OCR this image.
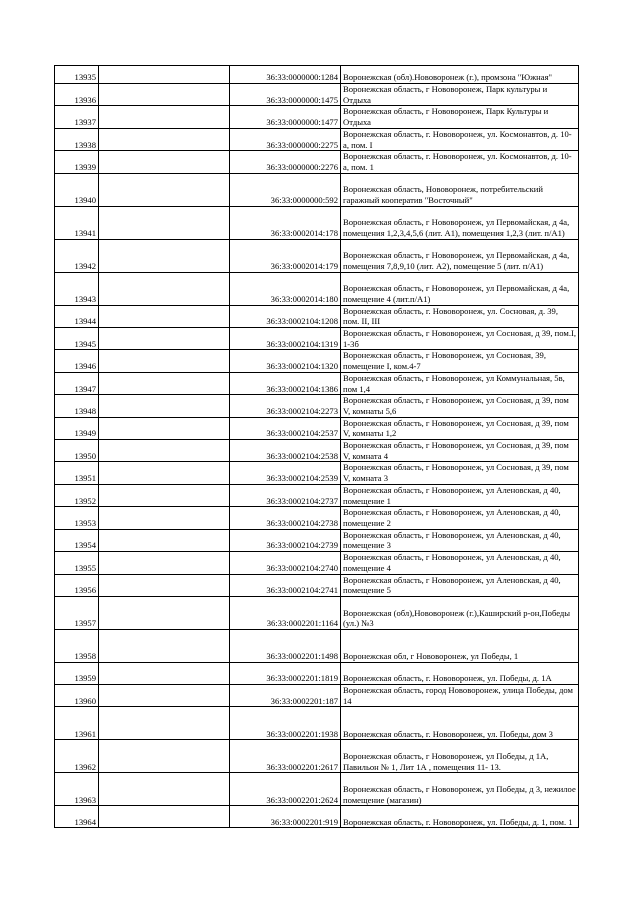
13935		36:33:0000000:1284	Воронежская (обл).Нововоронеж (г.), промзона "Южная"
13936		36:33:0000000:1475	Воронежская область, г Нововоронеж, Парк культуры и Отдыха
13937		36:33:0000000:1477	Воронежская область, г Нововоронеж, Парк Культуры и Отдыха
13938		36:33:0000000:2275	Воронежская область, г. Нововоронеж, ул. Космонавтов, д. 10-а, пом. I
13939		36:33:0000000:2276	Воронежская область, г. Нововоронеж, ул. Космонавтов, д. 10-а, пом. 1
13940		36:33:0000000:592	Воронежская область, Нововоронеж, потребительский гаражный кооператив "Восточный"
13941		36:33:0002014:178	Воронежская область, г Нововоронеж, ул Первомайская, д 4а, помещения 1,2,3,4,5,6 (лит. А1), помещения 1,2,3 (лит. п/А1)
13942		36:33:0002014:179	Воронежская область, г Нововоронеж, ул Первомайская, д 4а, помещения 7,8,9,10 (лит. А2), помещение 5 (лит. п/А1)
13943		36:33:0002014:180	Воронежская область, г Нововоронеж, ул Первомайская, д 4а, помещение 4 (лит.п/А1)
13944		36:33:0002104:1208	Воронежская область, г. Нововоронеж, ул. Сосновая, д. 39, пом. II, III
13945		36:33:0002104:1319	Воронежская область, г Нововоронеж, ул Сосновая, д 39, пом.I, 1-3б
13946		36:33:0002104:1320	Воронежская область, г Нововоронеж, ул Сосновая, 39, помещение I, ком.4-7
13947		36:33:0002104:1386	Воронежская область, г Нововоронеж, ул Коммунальная, 5в, пом 1,4
13948		36:33:0002104:2273	Воронежская область, г Нововоронеж, ул Сосновая, д 39, пом V, комнаты 5,6
13949		36:33:0002104:2537	Воронежская область, г Нововоронеж, ул Сосновая, д 39, пом V, комнаты 1,2
13950		36:33:0002104:2538	Воронежская область, г Нововоронеж, ул Сосновая, д 39, пом V, комната 4
13951		36:33:0002104:2539	Воронежская область, г Нововоронеж, ул Сосновая, д 39, пом V, комната 3
13952		36:33:0002104:2737	Воронежская область, г Нововоронеж, ул Аленовская, д 40, помещение 1
13953		36:33:0002104:2738	Воронежская область, г Нововоронеж, ул Аленовская, д 40, помещение 2
13954		36:33:0002104:2739	Воронежская область, г Нововоронеж, ул Аленовская, д 40, помещение 3
13955		36:33:0002104:2740	Воронежская область, г Нововоронеж, ул Аленовская, д 40, помещение 4
13956		36:33:0002104:2741	Воронежская область, г Нововоронеж, ул Аленовская, д 40, помещение 5
13957		36:33:0002201:1164	Воронежская (обл),Нововоронеж (г.),Каширский р-он,Победы (ул.) №3
13958		36:33:0002201:1498	Воронежская обл, г Нововоронеж, ул Победы, 1
13959		36:33:0002201:1819	Воронежская область, г. Нововоронеж, ул. Победы, д. 1А
13960		36:33:0002201:187	Воронежская область, город Нововоронеж, улица Победы, дом 14
13961		36:33:0002201:1938	Воронежская область, г. Нововоронеж, ул. Победы, дом 3
13962		36:33:0002201:2617	Воронежская область, г Нововоронеж, ул Победы, д 1А, Павильон № 1, Лит 1А , помещения 11- 13.
13963		36:33:0002201:2624	Воронежская область, г Нововоронеж, ул Победы, д 3, нежилое помещение (магазин)
13964		36:33:0002201:919	Воронежская область, г. Нововоронеж, ул. Победы, д. 1, пом. 1
